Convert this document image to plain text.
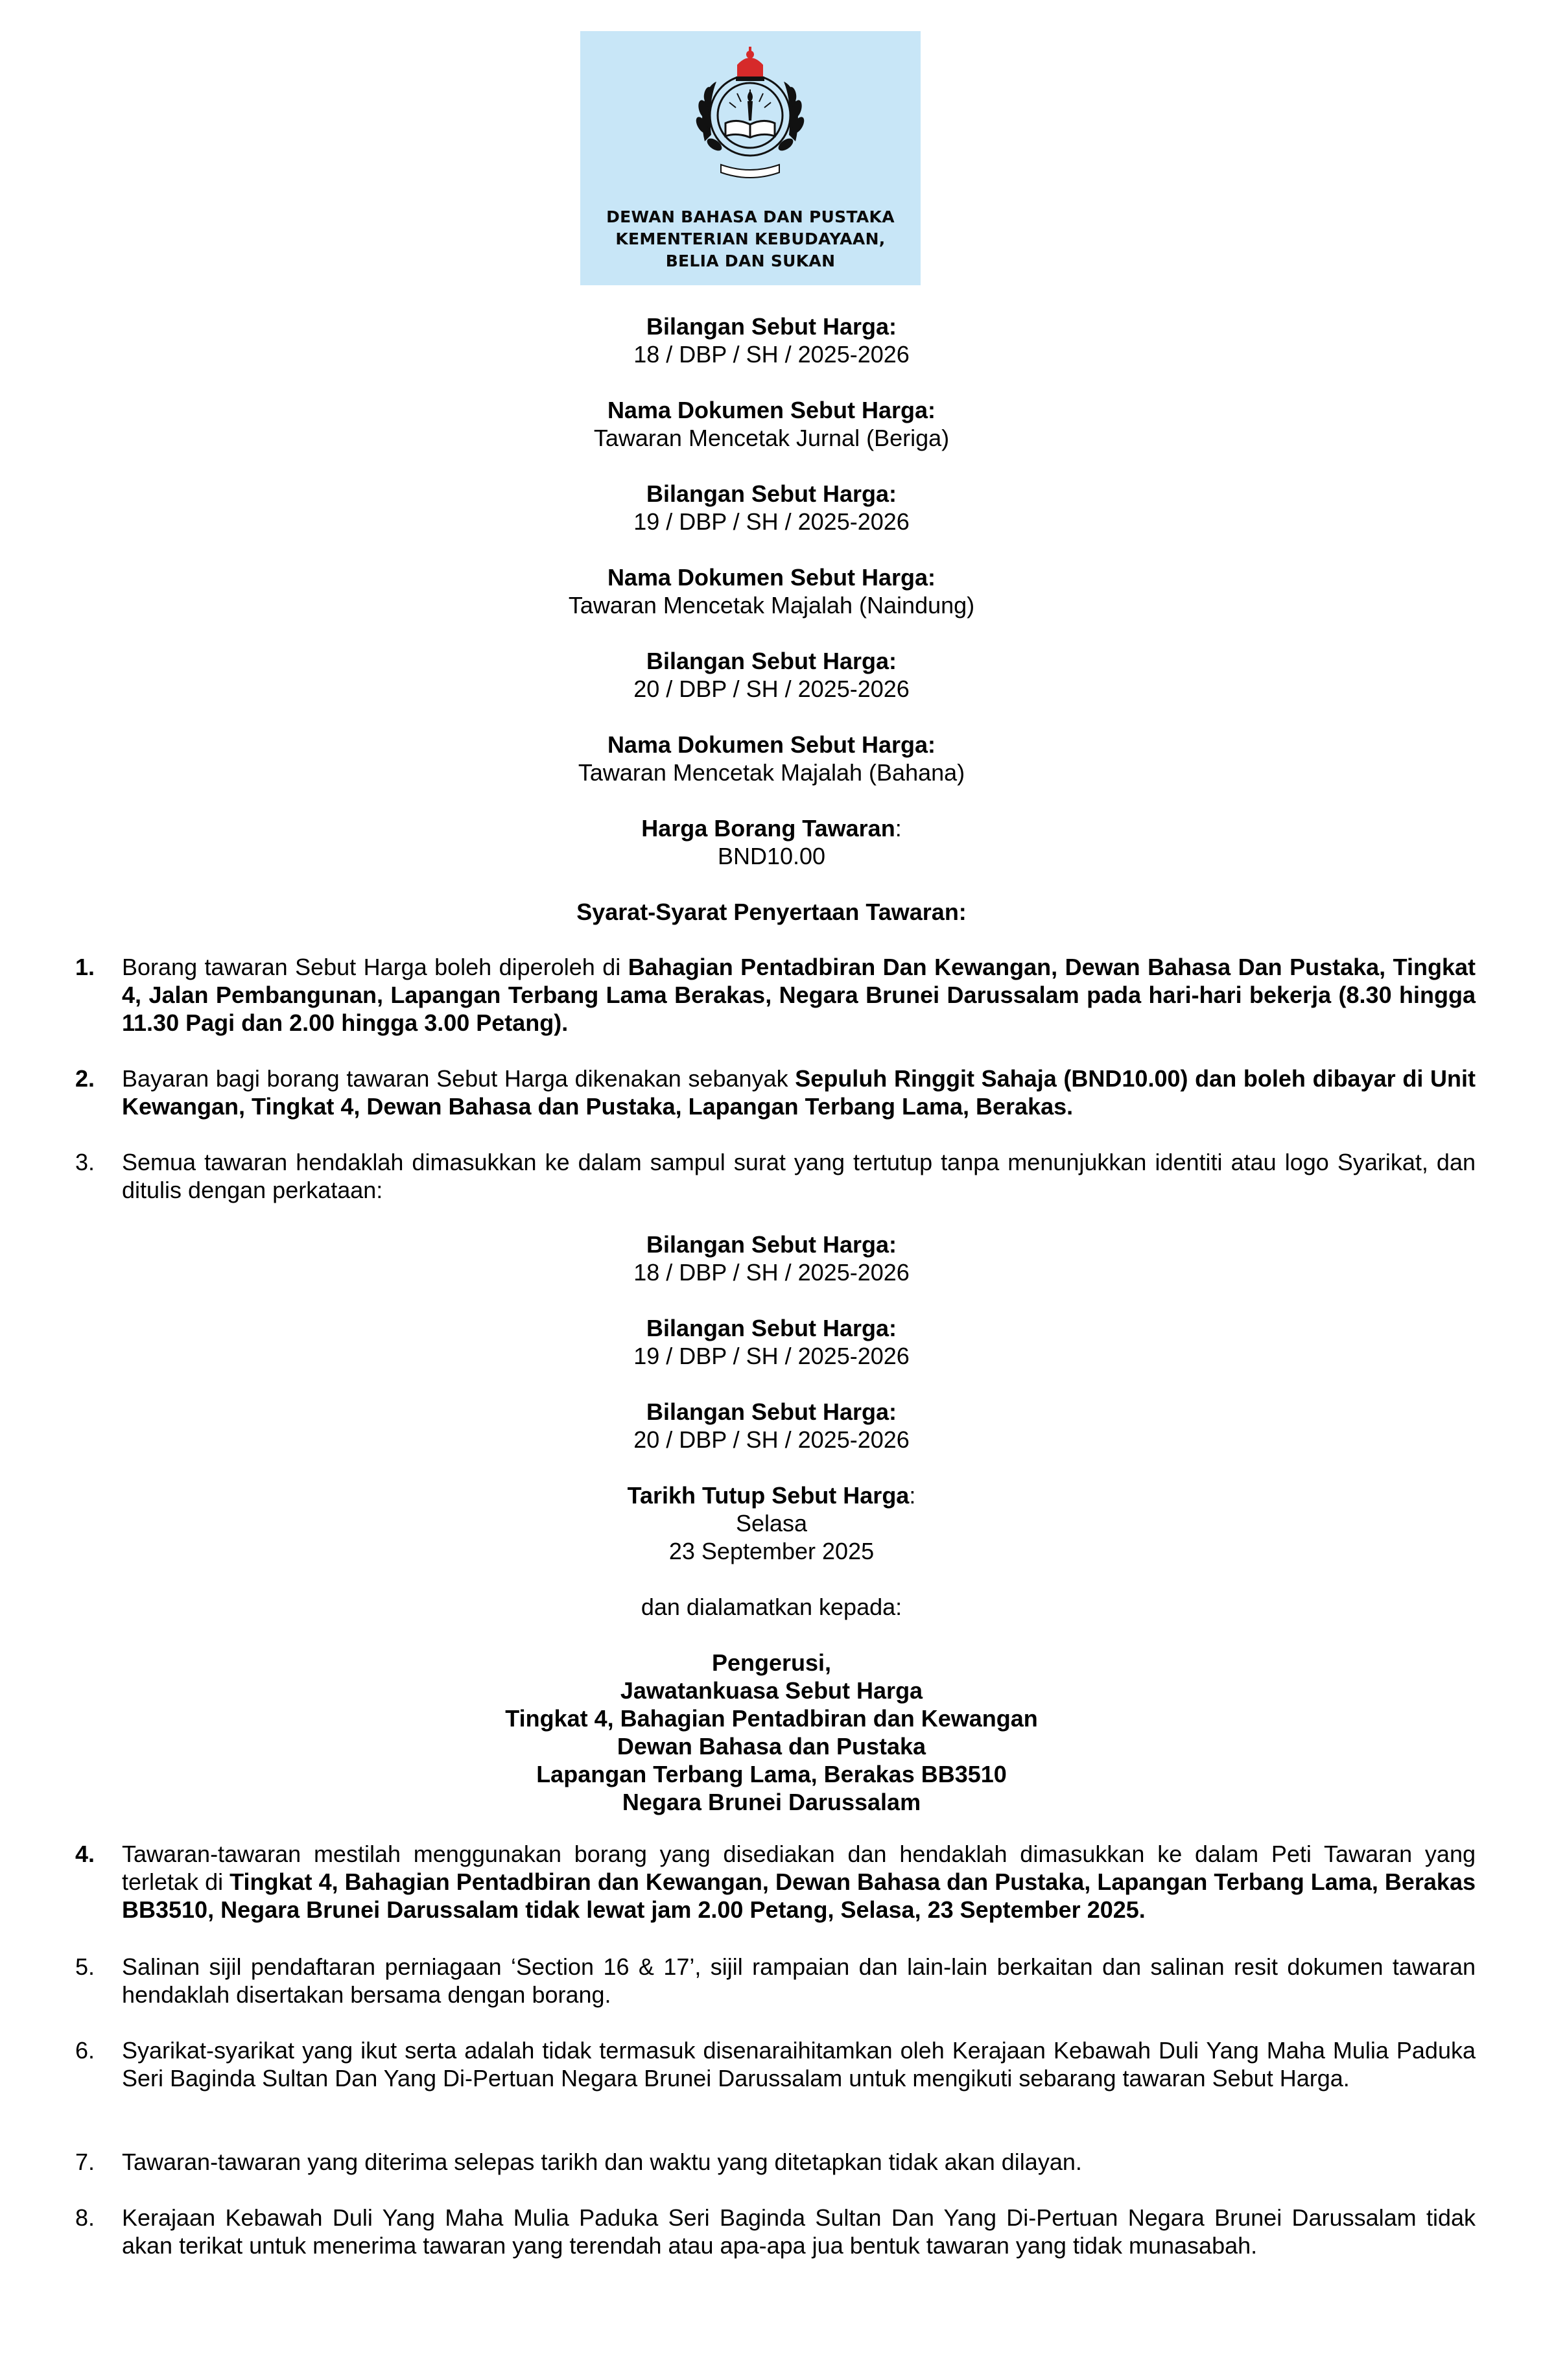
DEWAN BAHASA DAN PUSTAKA
KEMENTERIAN KEBUDAYAAN,
BELIA DAN SUKAN
Bilangan Sebut Harga:
18 / DBP / SH / 2025-2026
Nama Dokumen Sebut Harga:
Tawaran Mencetak Jurnal (Beriga)
Bilangan Sebut Harga:
19 / DBP / SH / 2025-2026
Nama Dokumen Sebut Harga:
Tawaran Mencetak Majalah (Naindung)
Bilangan Sebut Harga:
20 / DBP / SH / 2025-2026
Nama Dokumen Sebut Harga:
Tawaran Mencetak Majalah (Bahana)
Harga Borang Tawaran:
BND10.00
Syarat-Syarat Penyertaan Tawaran:
1.	Borang tawaran Sebut Harga boleh diperoleh di Bahagian Pentadbiran Dan Kewangan, Dewan Bahasa Dan Pustaka, Tingkat 4, Jalan Pembangunan, Lapangan Terbang Lama Berakas, Negara Brunei Darussalam pada hari-hari bekerja (8.30 hingga 11.30 Pagi dan 2.00 hingga 3.00 Petang).
2.	Bayaran bagi borang tawaran Sebut Harga dikenakan sebanyak Sepuluh Ringgit Sahaja (BND10.00) dan boleh dibayar di Unit Kewangan, Tingkat 4, Dewan Bahasa dan Pustaka, Lapangan Terbang Lama, Berakas.
3.	Semua tawaran hendaklah dimasukkan ke dalam sampul surat yang tertutup tanpa menunjukkan identiti atau logo Syarikat, dan ditulis dengan perkataan:
Bilangan Sebut Harga:
18 / DBP / SH / 2025-2026
Bilangan Sebut Harga:
19 / DBP / SH / 2025-2026
Bilangan Sebut Harga:
20 / DBP / SH / 2025-2026
Tarikh Tutup Sebut Harga:
Selasa
23 September 2025
dan dialamatkan kepada:
Pengerusi,
Jawatankuasa Sebut Harga
Tingkat 4, Bahagian Pentadbiran dan Kewangan
Dewan Bahasa dan Pustaka
Lapangan Terbang Lama, Berakas BB3510
Negara Brunei Darussalam
4.	Tawaran-tawaran mestilah menggunakan borang yang disediakan dan hendaklah dimasukkan ke dalam Peti Tawaran yang terletak di Tingkat 4, Bahagian Pentadbiran dan Kewangan, Dewan Bahasa dan Pustaka, Lapangan Terbang Lama, Berakas BB3510, Negara Brunei Darussalam tidak lewat jam 2.00 Petang, Selasa, 23 September 2025.
5.	Salinan sijil pendaftaran perniagaan ‘Section 16 & 17’, sijil rampaian dan lain-lain berkaitan dan salinan resit dokumen tawaran hendaklah disertakan bersama dengan borang.
6.	Syarikat-syarikat yang ikut serta adalah tidak termasuk disenaraihitamkan oleh Kerajaan Kebawah Duli Yang Maha Mulia Paduka Seri Baginda Sultan Dan Yang Di-Pertuan Negara Brunei Darussalam untuk mengikuti sebarang tawaran Sebut Harga.
7.	Tawaran-tawaran yang diterima selepas tarikh dan waktu yang ditetapkan tidak akan dilayan.
8.	Kerajaan Kebawah Duli Yang Maha Mulia Paduka Seri Baginda Sultan Dan Yang Di-Pertuan Negara Brunei Darussalam tidak akan terikat untuk menerima tawaran yang terendah atau apa-apa jua bentuk tawaran yang tidak munasabah.
